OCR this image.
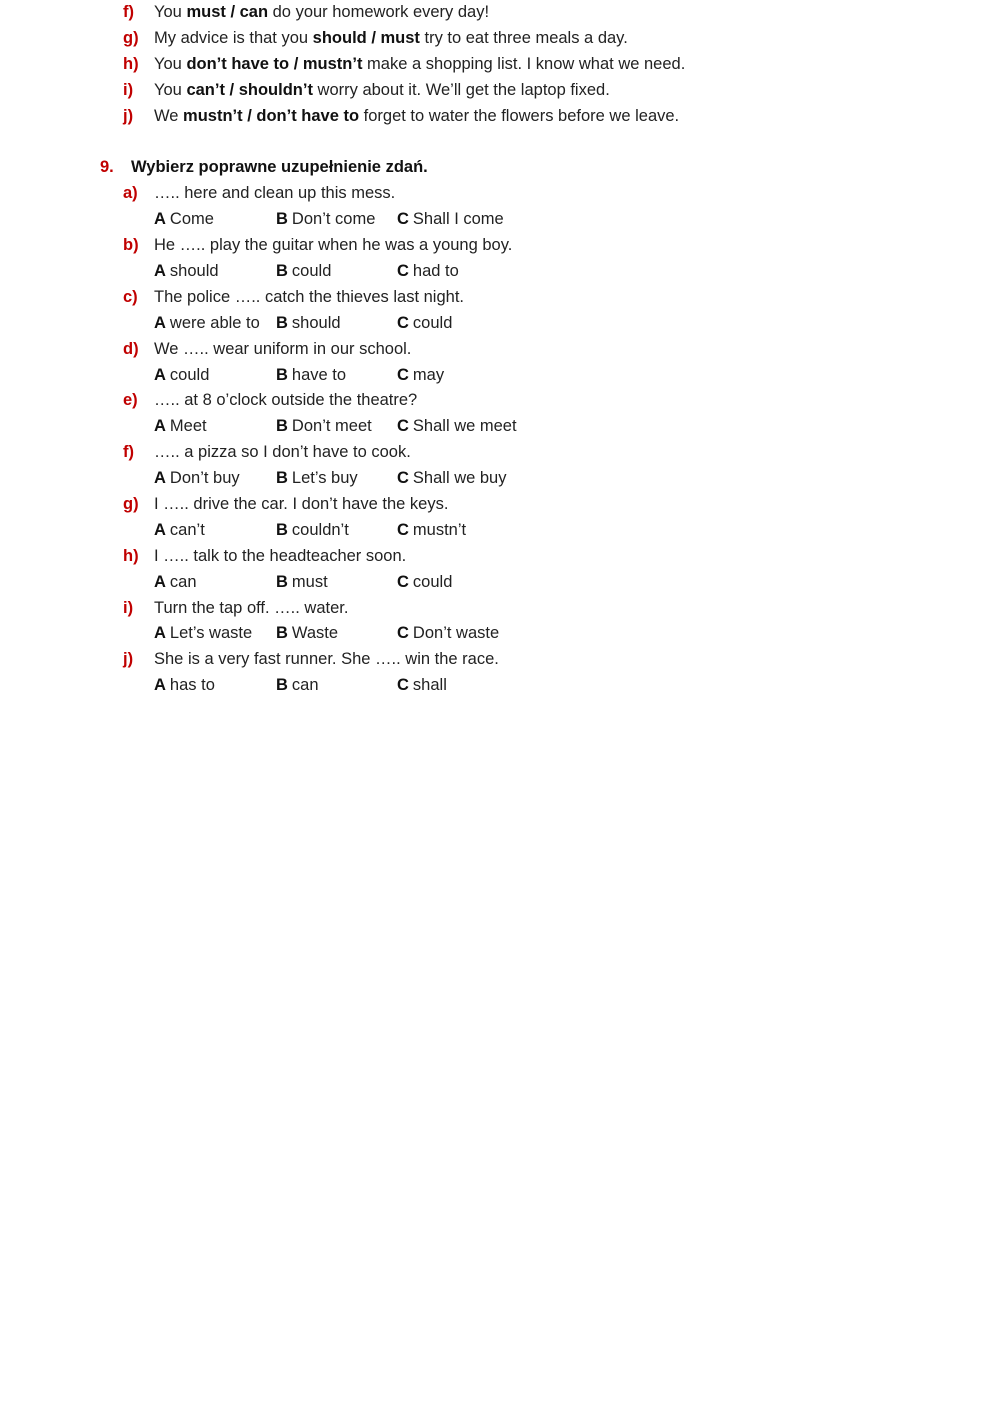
f) You must / can do your homework every day!
g) My advice is that you should / must try to eat three meals a day.
h) You don’t have to / mustn’t make a shopping list. I know what we need.
i) You can’t / shouldn’t worry about it. We’ll get the laptop fixed.
j) We mustn’t / don’t have to forget to water the flowers before we leave.
9. Wybierz poprawne uzupełnienie zdań.
a) ….. here and clean up this mess.
A Come	B Don’t come C Shall I come
b) He ….. play the guitar when he was a young boy.
A should	B could	C had to
c) The police ….. catch the thieves last night.
A were able to B should	C could
d) We ….. wear uniform in our school.
A could	B have to	C may
e) ….. at 8 o’clock outside the theatre?
A Meet	B Don’t meet C Shall we meet
f) ….. a pizza so I don’t have to cook.
A Don’t buy B Let’s buy C Shall we buy
g) I ….. drive the car. I don’t have the keys.
A can’t	B couldn’t	C mustn’t
h) I ….. talk to the headteacher soon.
A can	B must	C could
i) Turn the tap off. ….. water.
A Let’s waste B Waste	C Don’t waste
j) She is a very fast runner. She ….. win the race.
A has to	B can	C shall
